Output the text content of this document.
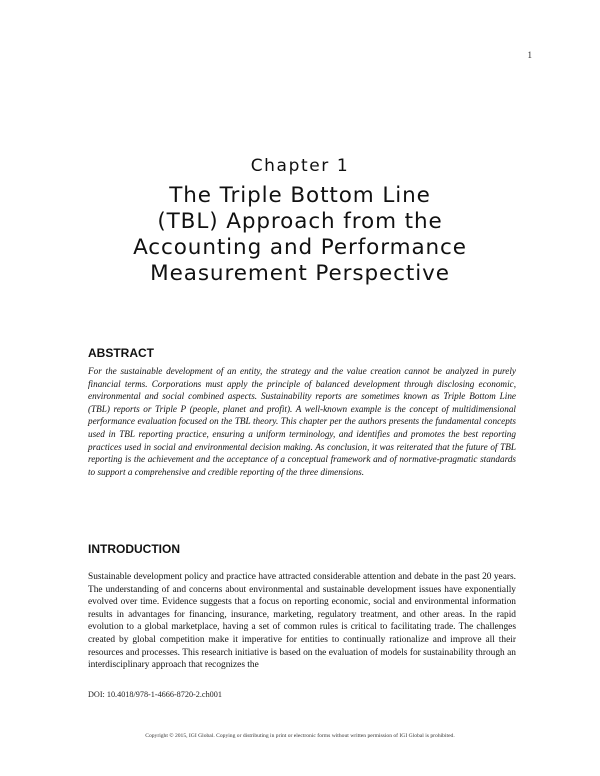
1
Chapter 1
The Triple Bottom Line
(TBL) Approach from the
Accounting and Performance
Measurement Perspective
ABSTRACT

For the sustainable development of an entity, the strategy and the value creation cannot be analyzed in purely financial terms. Corporations must apply the principle of balanced development through disclosing economic, environmental and social combined aspects. Sustainability reports are sometimes known as Triple Bottom Line (TBL) reports or Triple P (people, planet and profit). A well-known example is the concept of multidimensional performance evaluation focused on the TBL theory. This chapter per the authors presents the fundamental concepts used in TBL reporting practice, ensuring a uniform terminology, and identifies and promotes the best reporting practices used in social and environmental decision making. As conclusion, it was reiterated that the future of TBL reporting is the achievement and the acceptance of a conceptual framework and of normative-pragmatic standards to support a comprehensive and credible reporting of the three dimensions.

INTRODUCTION

Sustainable development policy and practice have attracted considerable attention and debate in the past 20 years. The understanding of and concerns about environmental and sustainable development issues have exponentially evolved over time. Evidence suggests that a focus on reporting economic, social and environmental information results in advantages for financing, insurance, marketing, regulatory treatment, and other areas. In the rapid evolution to a global marketplace, having a set of common rules is critical to facilitating trade. The challenges created by global competition make it imperative for entities to continually rationalize and improve all their resources and processes. This research initiative is based on the evaluation of models for sustainability through an interdisciplinary approach that recognizes the

DOI: 10.4018/978-1-4666-8720-2.ch001
Copyright © 2015, IGI Global. Copying or distributing in print or electronic forms without written permission of IGI Global is prohibited.
